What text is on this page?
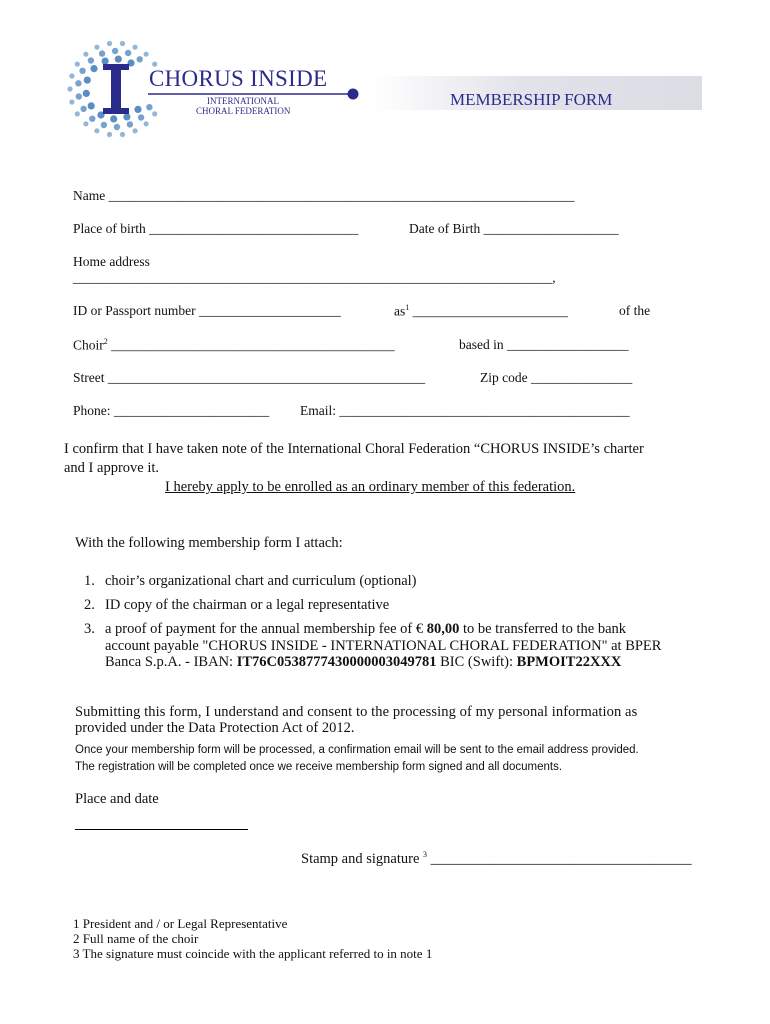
CHORUS INSIDE
INTERNATIONAL
CHORAL FEDERATION
MEMBERSHIP FORM
Name _____________________________________________________________________
Place of birth _______________________________	Date of Birth ____________________
Home address
_______________________________________________________________________,
ID or Passport number _____________________	$as^1$ _______________________	of the
Choir$^2$ __________________________________________	based in __________________
Street _______________________________________________	Zip code _______________
Phone: _______________________ Email: ___________________________________________
I confirm that I have taken note of the International Choral Federation “CHORUS INSIDE’s charter
and I approve it.
I hereby apply to be enrolled as an ordinary member of this federation.
With the following membership form I attach:
1. choir’s organizational chart and curriculum (optional)
2. ID copy of the chairman or a legal representative
3. a proof of payment for the annual membership fee of € 80,00 to be transferred to the bank
account payable "CHORUS INSIDE - INTERNATIONAL CHORAL FEDERATION" at BPER
Banca S.p.A. - IBAN: IT76C0538777430000003049781 BIC (Swift): BPMOIT22XXX
Submitting this form, I understand and consent to the processing of my personal information as
provided under the Data Protection Act of 2012.
Once your membership form will be processed, a confirmation email will be sent to the email address provided.
The registration will be completed once we receive membership form signed and all documents.
Place and date
Stamp and signature $^3$ ____________________________________
1 President and / or Legal Representative
2 Full name of the choir
3 The signature must coincide with the applicant referred to in note 1
